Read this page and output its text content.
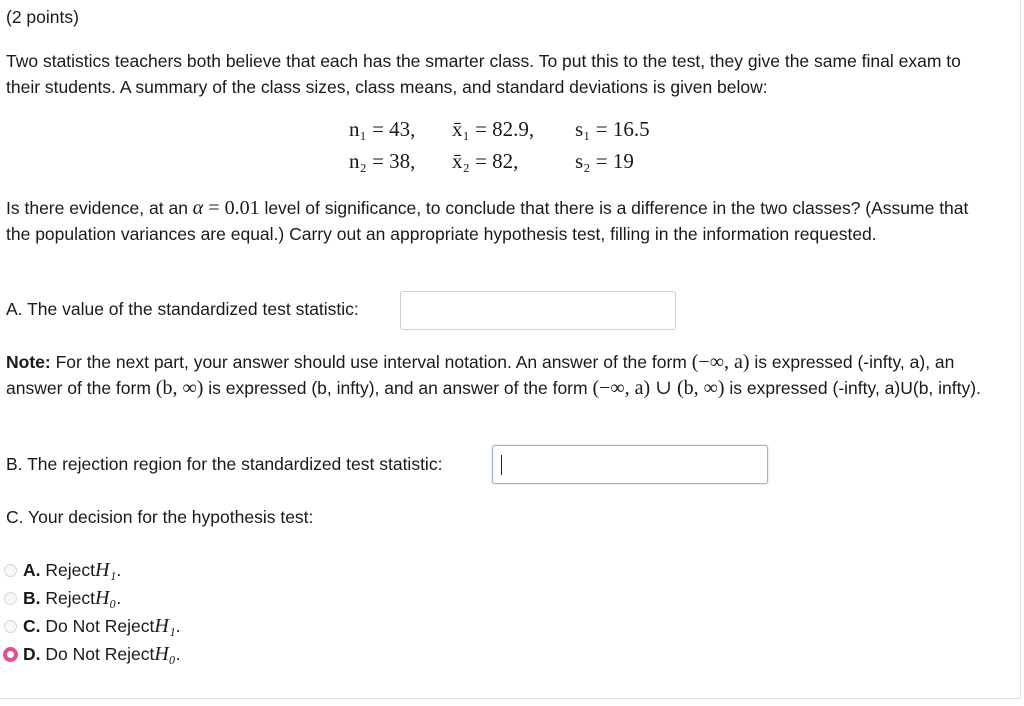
(2 points)
Two statistics teachers both believe that each has the smarter class. To put this to the test, they give the same final exam to their students. A summary of the class sizes, class means, and standard deviations is given below:
n₁ = 43, x̄₁ = 82.9, s₁ = 16.5
n₂ = 38, x̄₂ = 82,	s₂ = 19
Is there evidence, at an α = 0.01 level of significance, to conclude that there is a difference in the two classes? (Assume that the population variances are equal.) Carry out an appropriate hypothesis test, filling in the information requested.
A. The value of the standardized test statistic:
Note: For the next part, your answer should use interval notation. An answer of the form (−∞, a) is expressed (-infty, a), an answer of the form (b, ∞) is expressed (b, infty), and an answer of the form (−∞, a) ∪ (b, ∞) is expressed (-infty, a)U(b, infty).
B. The rejection region for the standardized test statistic:
C. Your decision for the hypothesis test:
A.
Reject H₁ .
B.
Reject H₀ .
C.
Do Not Reject H₁ .
D.
Do Not Reject H₀ .
